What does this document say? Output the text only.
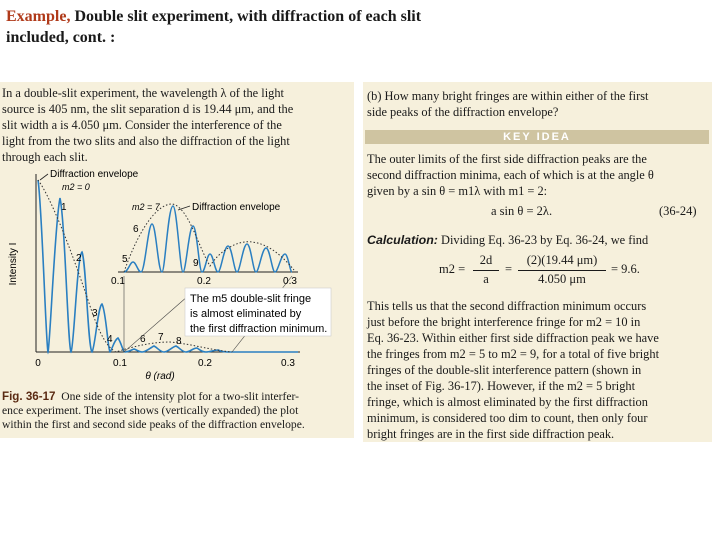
Example, Double slit experiment, with diffraction of each slit included, cont. :
In a double-slit experiment, the wavelength λ of the light
source is 405 nm, the slit separation d is 19.44 μm, and the
slit width a is 4.050 μm. Consider the interference of the
light from the two slits and also the diffraction of the light
through each slit.
Intensity I
θ (rad)
0	0.1	0.2	0.3
Diffraction envelope
m2 = 0
1
2
3
4	6 7 8
0.1	0.2	0.3
m2 = 7	Diffraction envelope
5
6
9
The m5 double-slit fringe
is almost eliminated by
the first diffraction minimum.
Fig. 36-17 One side of the intensity plot for a two-slit interfer-
ence experiment. The inset shows (vertically expanded) the plot
within the first and second side peaks of the diffraction envelope.
(b) How many bright fringes are within either of the first
side peaks of the diffraction envelope?
KEY IDEA
The outer limits of the first side diffraction peaks are the
second diffraction minima, each of which is at the angle θ
given by a sin θ = m1λ with m1 = 2:
a sin θ = 2λ.	(36-24)
Calculation: Dividing Eq. 36-23 by Eq. 36-24, we find
m2 =
2d
a
=
(2)(19.44 μm)
4.050 μm
= 9.6.
This tells us that the second diffraction minimum occurs
just before the bright interference fringe for m2 = 10 in
Eq. 36-23. Within either first side diffraction peak we have
the fringes from m2 = 5 to m2 = 9, for a total of five bright
fringes of the double-slit interference pattern (shown in
the inset of Fig. 36-17). However, if the m2 = 5 bright
fringe, which is almost eliminated by the first diffraction
minimum, is considered too dim to count, then only four
bright fringes are in the first side diffraction peak.
